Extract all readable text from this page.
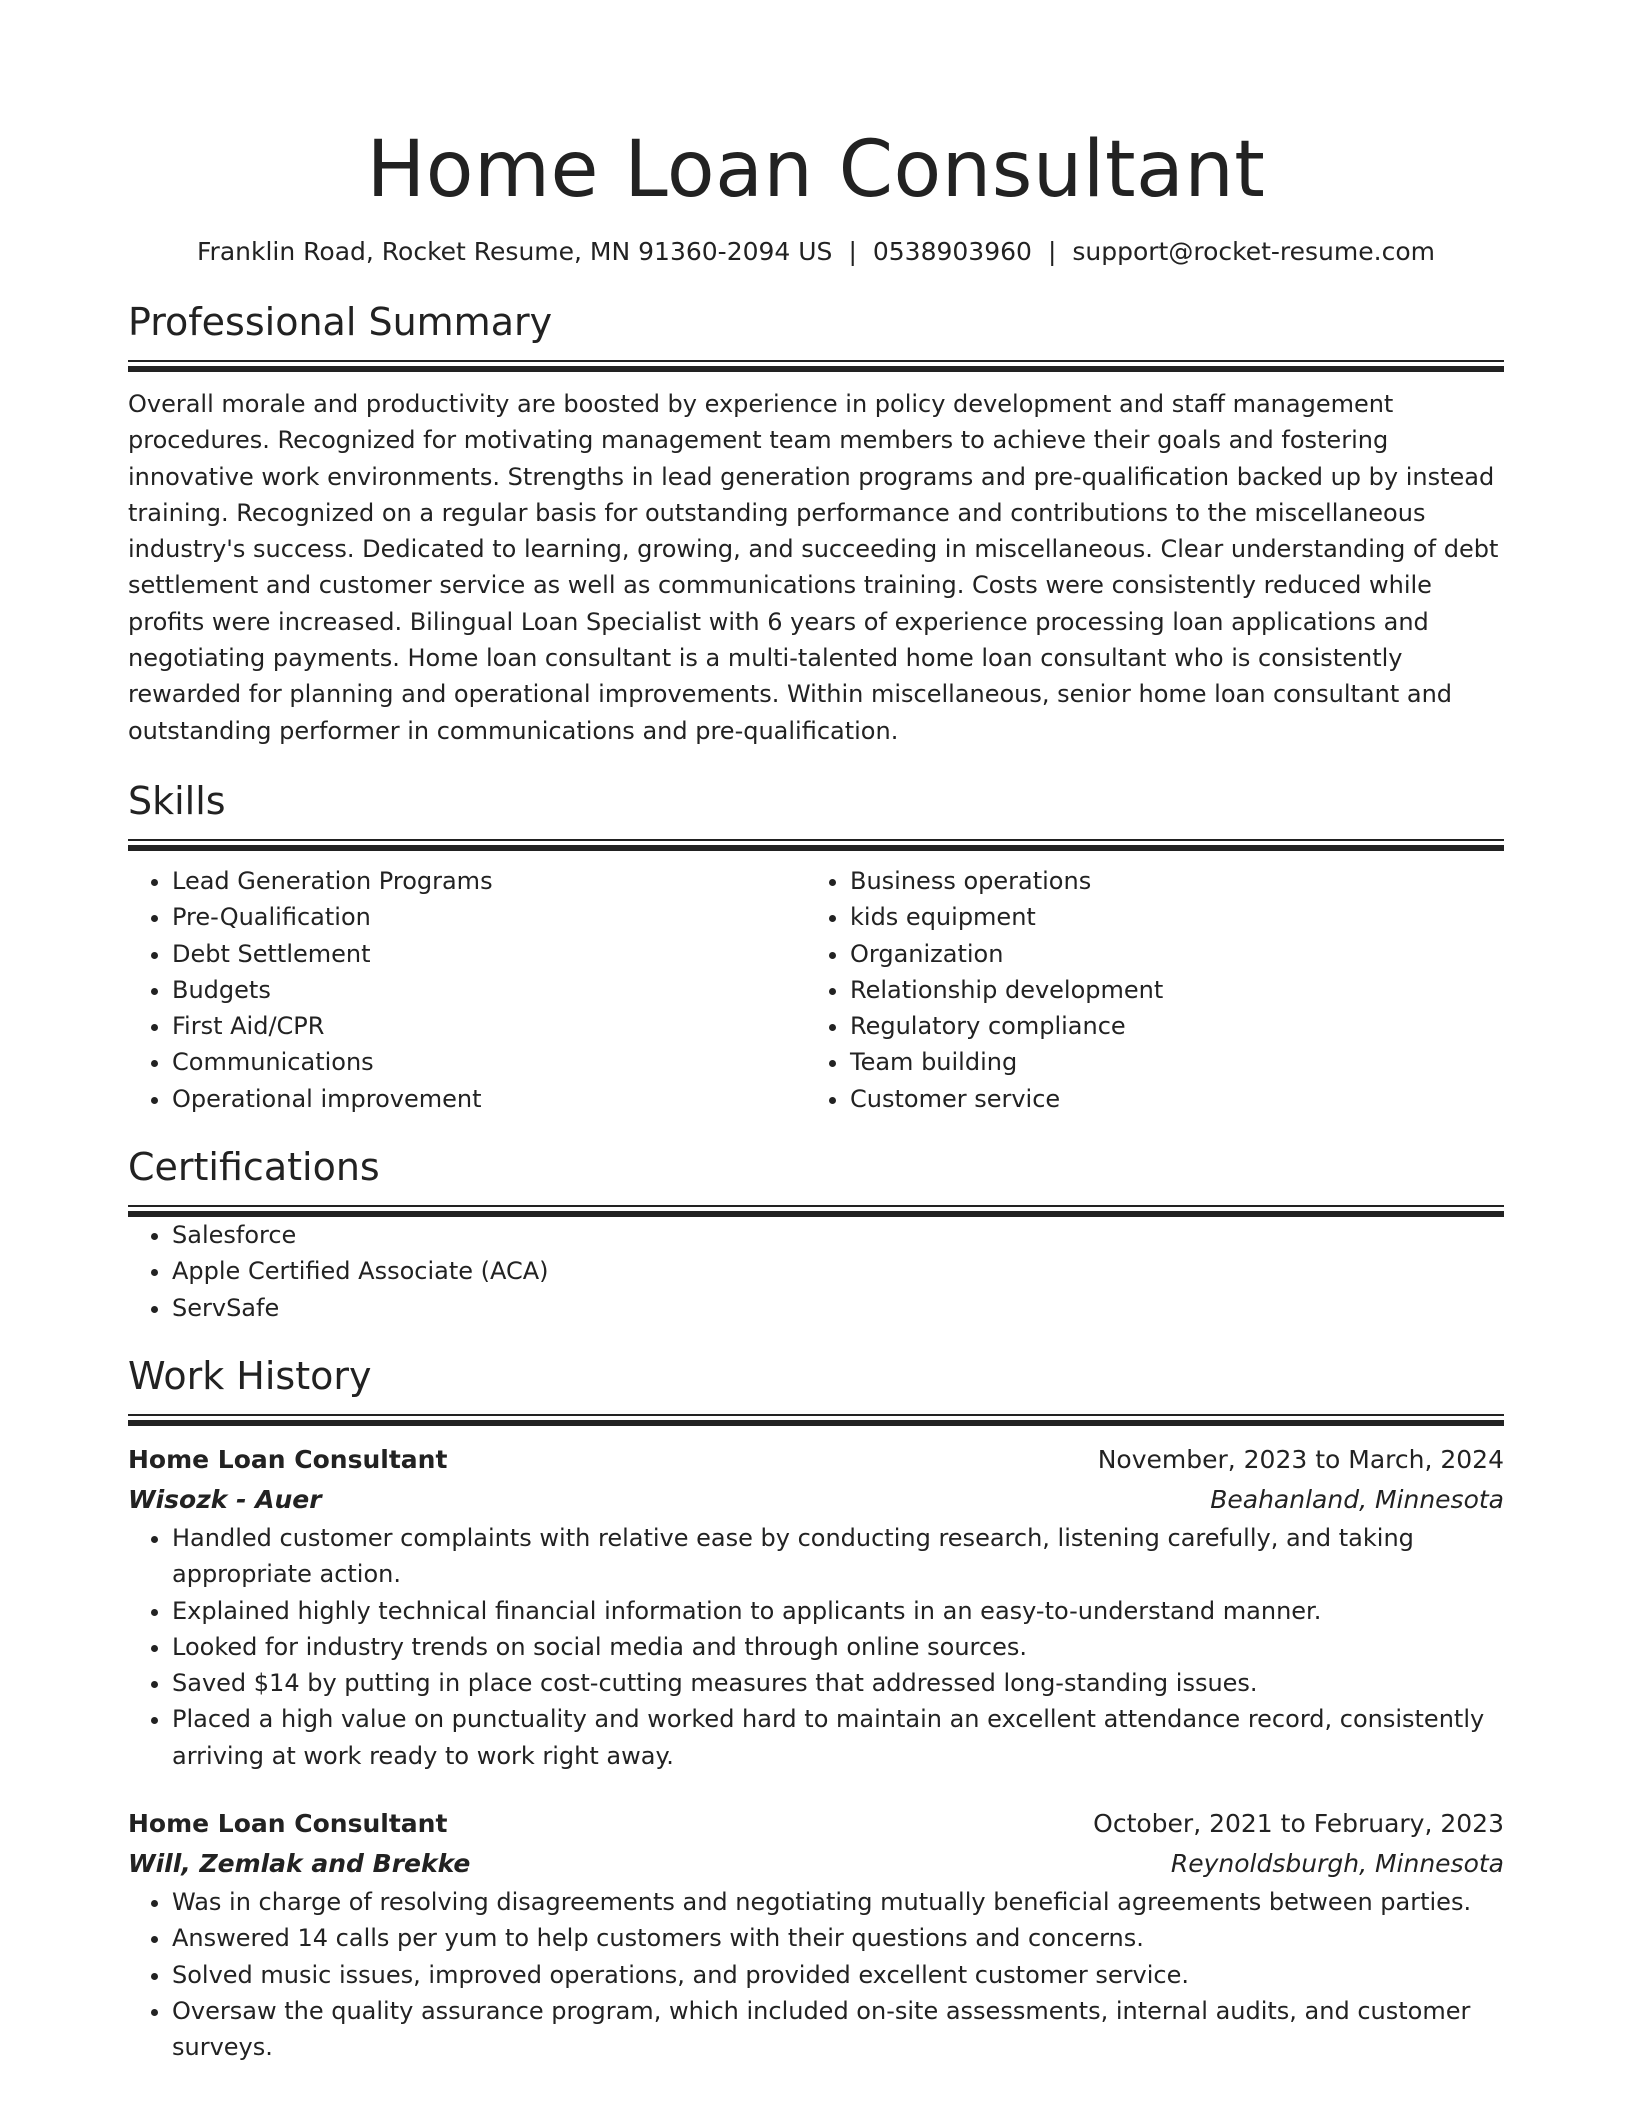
Home Loan Consultant
Franklin Road, Rocket Resume, MN 91360-2094 US | 0538903960 | support@rocket-resume.com
Professional Summary

Overall morale and productivity are boosted by experience in policy development and staff management procedures. Recognized for motivating management team members to achieve their goals and fostering innovative work environments. Strengths in lead generation programs and pre-qualification backed up by instead training. Recognized on a regular basis for outstanding performance and contributions to the miscellaneous industry's success. Dedicated to learning, growing, and succeeding in miscellaneous. Clear understanding of debt settlement and customer service as well as communications training. Costs were consistently reduced while profits were increased. Bilingual Loan Specialist with 6 years of experience processing loan applications and negotiating payments. Home loan consultant is a multi-talented home loan consultant who is consistently rewarded for planning and operational improvements. Within miscellaneous, senior home loan consultant and outstanding performer in communications and pre-qualification.

Skills
• Lead Generation Programs
• Pre-Qualification
• Debt Settlement
• Budgets
• First Aid/CPR
• Communications
• Operational improvement
• Business operations
• kids equipment
• Organization
• Relationship development
• Regulatory compliance
• Team building
• Customer service
Certifications
• Salesforce
• Apple Certified Associate (ACA)
• ServSafe
Work History
Home Loan Consultant	November, 2023 to March, 2024
Wisozk - Auer	Beahanland, Minnesota
• Handled customer complaints with relative ease by conducting research, listening carefully, and taking appropriate action.
• Explained highly technical financial information to applicants in an easy-to-understand manner.
• Looked for industry trends on social media and through online sources.
• Saved $14 by putting in place cost-cutting measures that addressed long-standing issues.
• Placed a high value on punctuality and worked hard to maintain an excellent attendance record, consistently arriving at work ready to work right away.
Home Loan Consultant	October, 2021 to February, 2023
Will, Zemlak and Brekke	Reynoldsburgh, Minnesota
• Was in charge of resolving disagreements and negotiating mutually beneficial agreements between parties.
• Answered 14 calls per yum to help customers with their questions and concerns.
• Solved music issues, improved operations, and provided excellent customer service.
• Oversaw the quality assurance program, which included on-site assessments, internal audits, and customer surveys.
